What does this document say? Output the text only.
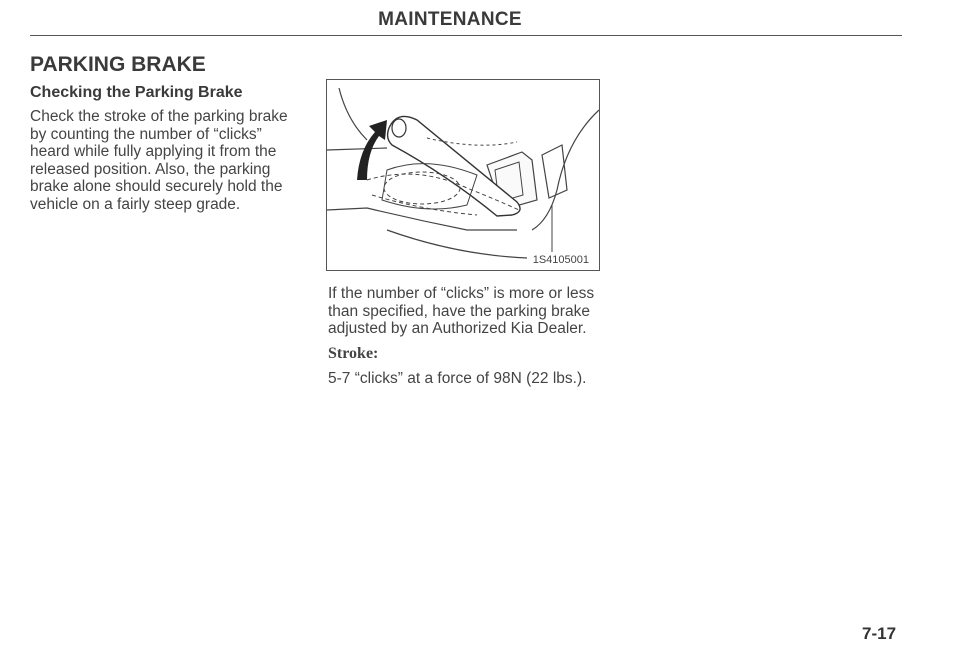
MAINTENANCE
PARKING BRAKE
Checking the Parking Brake

Check the stroke of the parking brake by counting the number of “clicks” heard while fully applying it from the released position. Also, the parking brake alone should securely hold the vehicle on a fairly steep grade.

1S4105001

If the number of “clicks” is more or less than specified, have the parking brake adjusted by an Authorized Kia Dealer.

Stroke:

5-7 “clicks” at a force of 98N (22 lbs.).

7-17
